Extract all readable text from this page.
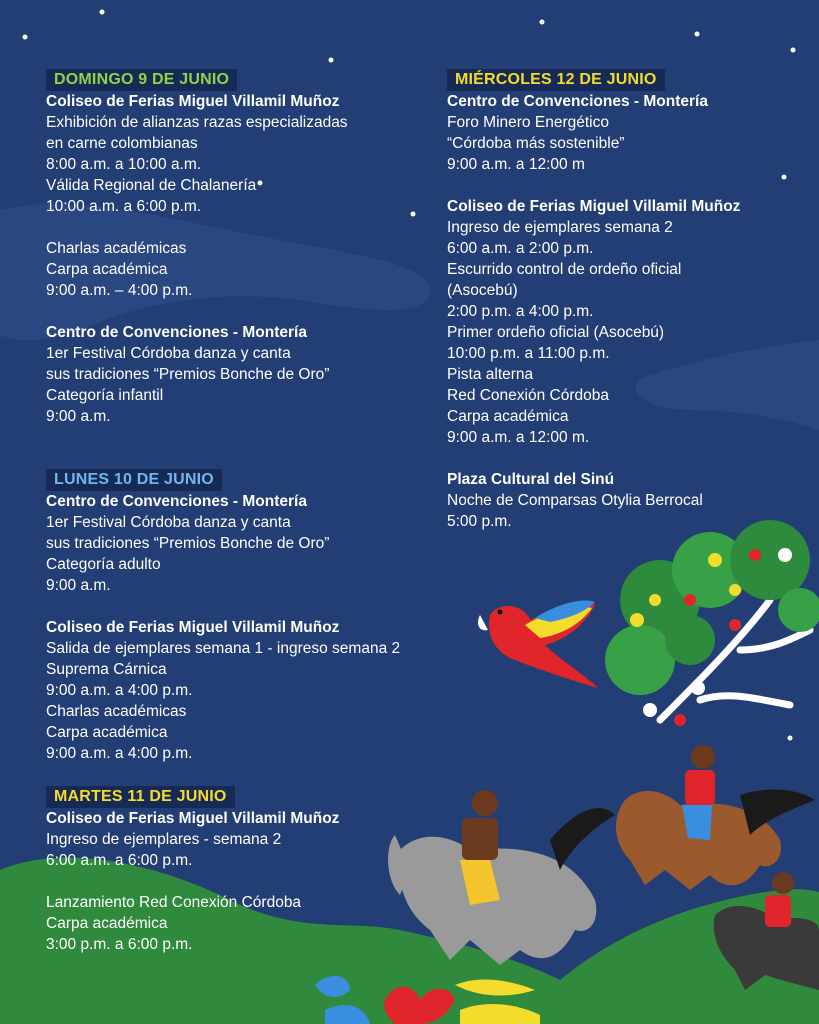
DOMINGO 9 DE JUNIO
Coliseo de Ferias Miguel Villamil Muñoz
Exhibición de alianzas razas especializadas
en carne colombianas
8:00 a.m. a 10:00 a.m.
Válida Regional de Chalanería
10:00 a.m. a 6:00 p.m.
Charlas académicas
Carpa académica
9:00 a.m. – 4:00 p.m.
Centro de Convenciones - Montería
1er Festival Córdoba danza y canta
sus tradiciones “Premios Bonche de Oro”
Categoría infantil
9:00 a.m.
LUNES 10 DE JUNIO
Centro de Convenciones - Montería
1er Festival Córdoba danza y canta
sus tradiciones “Premios Bonche de Oro”
Categoría adulto
9:00 a.m.
Coliseo de Ferias Miguel Villamil Muñoz
Salida de ejemplares semana 1 - ingreso semana 2
Suprema Cárnica
9:00 a.m. a 4:00 p.m.
Charlas académicas
Carpa académica
9:00 a.m. a 4:00 p.m.
MARTES 11 DE JUNIO
Coliseo de Ferias Miguel Villamil Muñoz
Ingreso de ejemplares - semana 2
6:00 a.m. a 6:00 p.m.
Lanzamiento Red Conexión Córdoba
Carpa académica
3:00 p.m. a 6:00 p.m.
MIÉRCOLES 12 DE JUNIO
Centro de Convenciones - Montería
Foro Minero Energético
“Córdoba más sostenible”
9:00 a.m. a 12:00 m
Coliseo de Ferias Miguel Villamil Muñoz
Ingreso de ejemplares semana 2
6:00 a.m. a 2:00 p.m.
Escurrido control de ordeño oficial
(Asocebú)
2:00 p.m. a 4:00 p.m.
Primer ordeño oficial (Asocebú)
10:00 p.m. a 11:00 p.m.
Pista alterna
Red Conexión Córdoba
Carpa académica
9:00 a.m. a 12:00 m.
Plaza Cultural del Sinú
Noche de Comparsas Otylia Berrocal
5:00 p.m.
